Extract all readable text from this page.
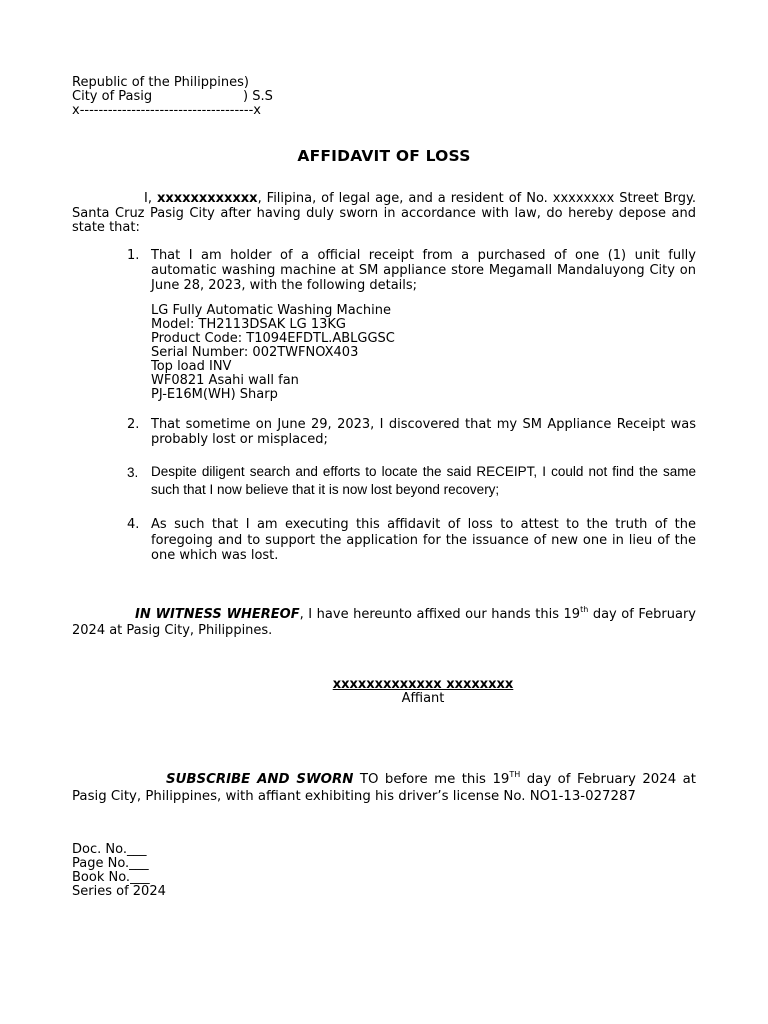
Republic of the Philippines)
City of Pasig                      ) S.S
x-------------------------------------x
AFFIDAVIT OF LOSS
I, xxxxxxxxxxxx, Filipina, of legal age, and a resident of No. xxxxxxxx Street Brgy. Santa Cruz Pasig City after having duly sworn in accordance with law, do hereby depose and state that:
1. That I am holder of a official receipt from a purchased of one (1) unit fully automatic washing machine at SM appliance store Megamall Mandaluyong City on June 28, 2023, with the following details;
LG Fully Automatic Washing Machine
Model: TH2113DSAK LG 13KG
Product Code: T1094EFDTL.ABLGGSC
Serial Number: 002TWFNOX403
Top load INV
WF0821 Asahi wall fan
PJ-E16M(WH) Sharp
2. That sometime on June 29, 2023, I discovered that my SM Appliance Receipt was probably lost or misplaced;
3. Despite diligent search and efforts to locate the said RECEIPT, I could not find the same such that I now believe that it is now lost beyond recovery;
4. As such that I am executing this affidavit of loss to attest to the truth of the foregoing and to support the application for the issuance of new one in lieu of the one which was lost.
IN WITNESS WHEREOF, I have hereunto affixed our hands this 19th day of February 2024 at Pasig City, Philippines.
xxxxxxxxxxxxx xxxxxxxx
Affiant
SUBSCRIBE AND SWORN TO before me this 19TH day of February 2024 at Pasig City, Philippines, with affiant exhibiting his driver’s license No. NO1-13-027287
Doc. No.___
Page No.___
Book No.___
Series of 2024
